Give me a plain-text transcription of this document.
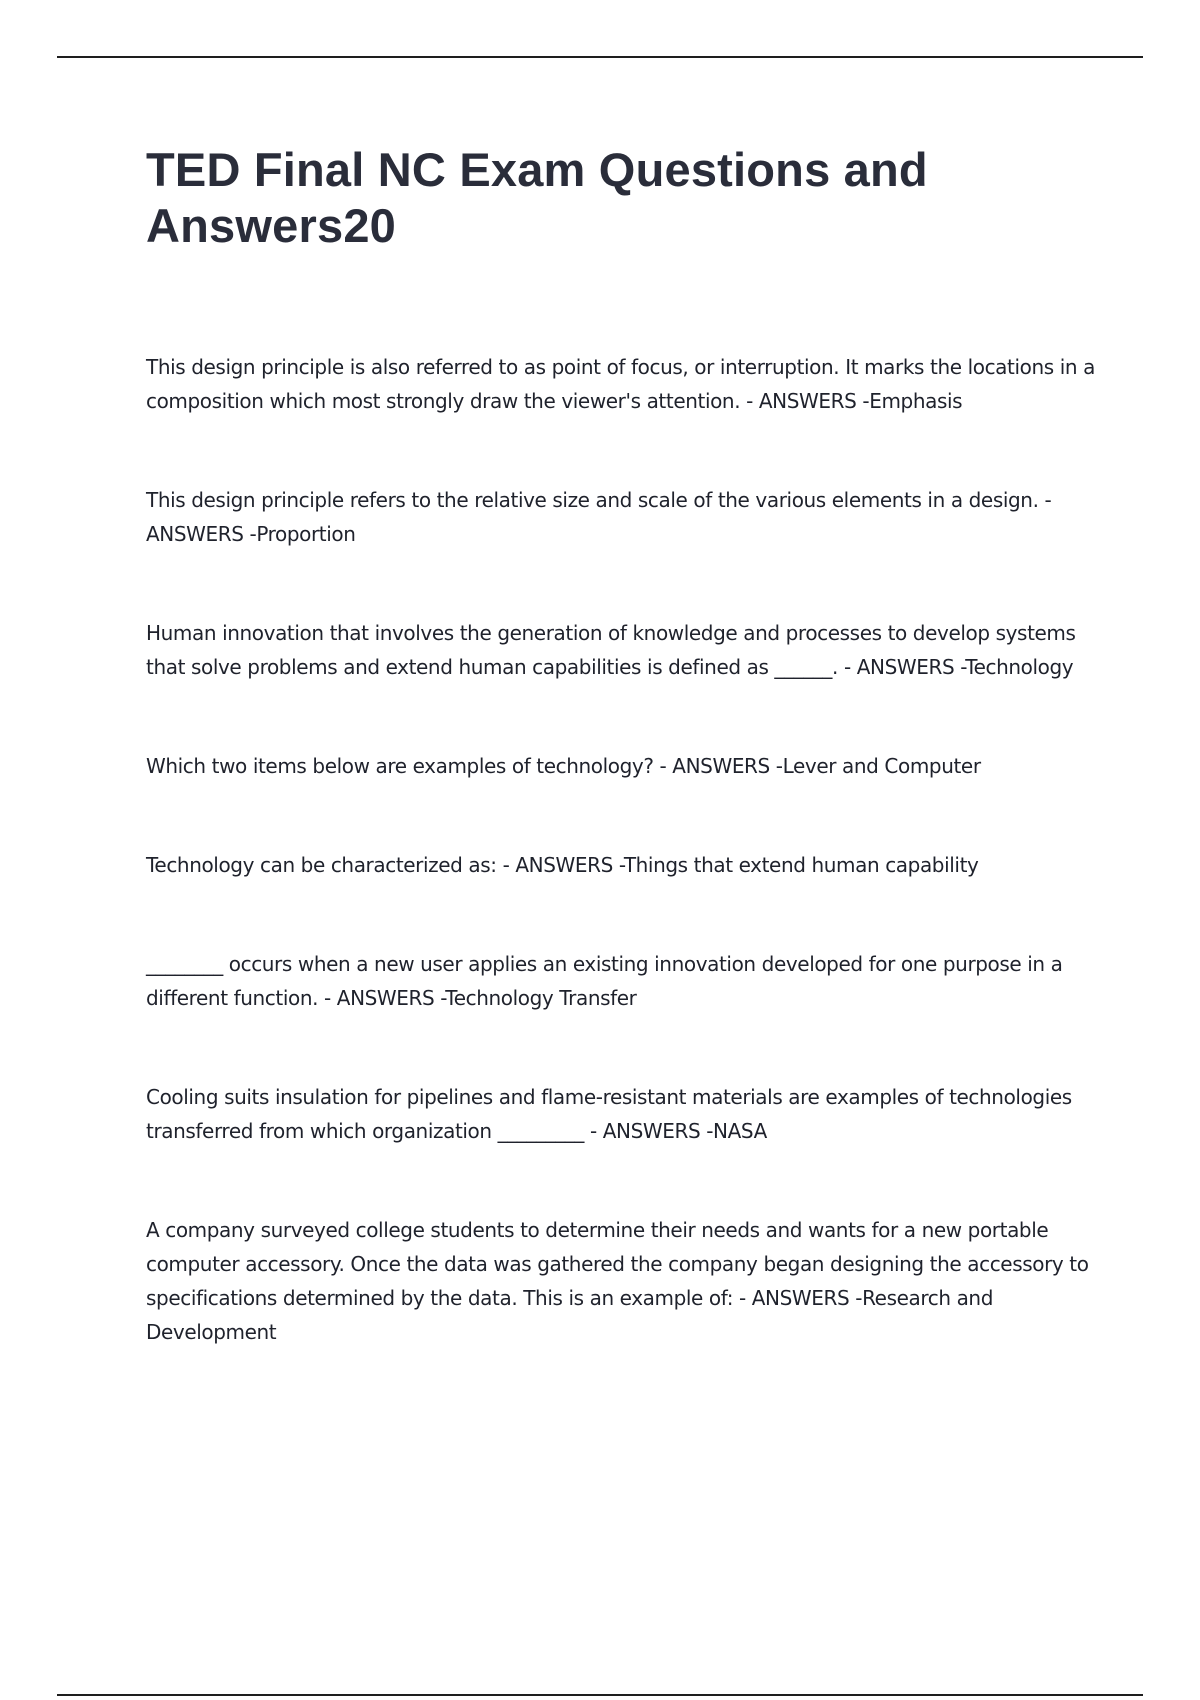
TED Final NC Exam Questions and Answers20

This design principle is also referred to as point of focus, or interruption. It marks the locations in a composition which most strongly draw the viewer's attention. - ANSWERS -Emphasis

This design principle refers to the relative size and scale of the various elements in a design. - ANSWERS -Proportion

Human innovation that involves the generation of knowledge and processes to develop systems that solve problems and extend human capabilities is defined as ______. - ANSWERS -Technology

Which two items below are examples of technology? - ANSWERS -Lever and Computer

Technology can be characterized as: - ANSWERS -Things that extend human capability

________ occurs when a new user applies an existing innovation developed for one purpose in a different function. - ANSWERS -Technology Transfer

Cooling suits insulation for pipelines and flame-resistant materials are examples of technologies transferred from which organization _________ - ANSWERS -NASA

A company surveyed college students to determine their needs and wants for a new portable computer accessory. Once the data was gathered the company began designing the accessory to specifications determined by the data. This is an example of: - ANSWERS -Research and Development
